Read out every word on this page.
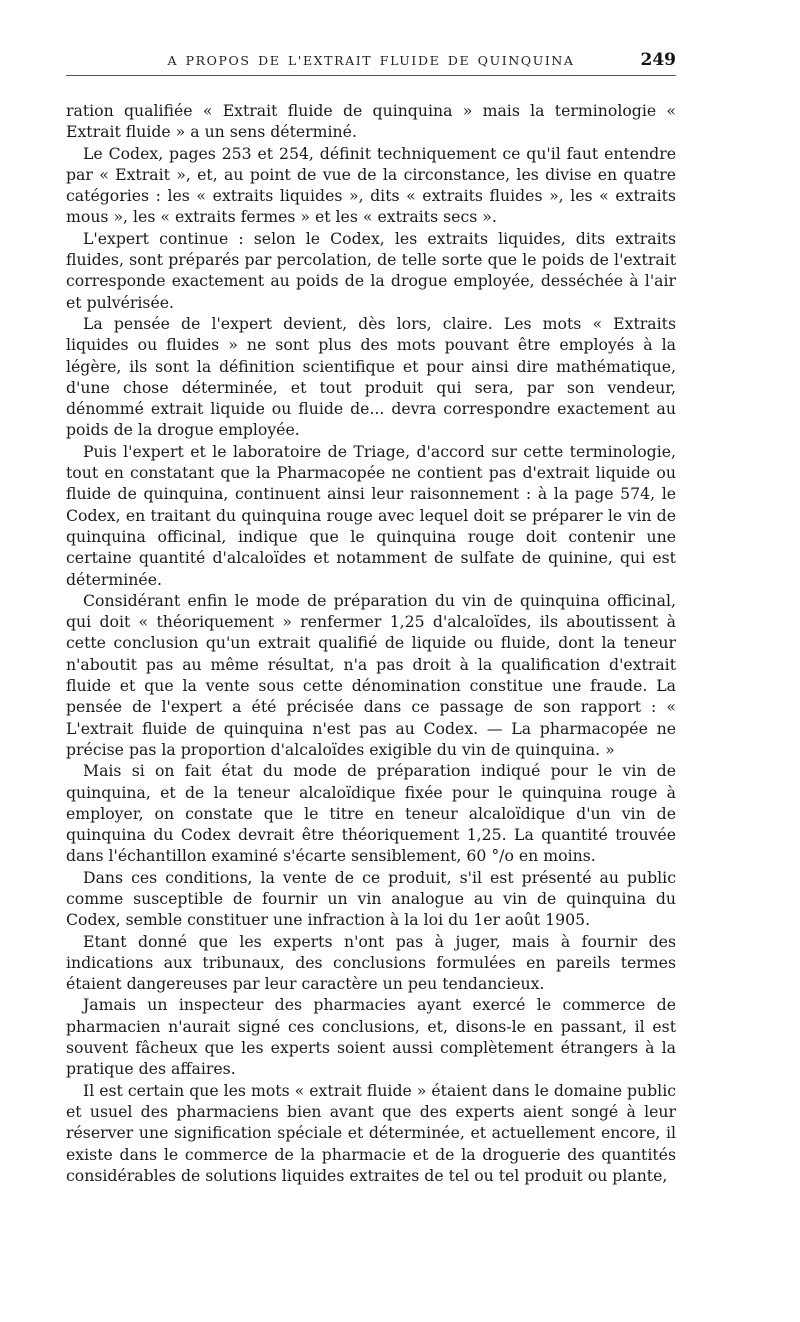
A PROPOS DE L'EXTRAIT FLUIDE DE QUINQUINA	249

ration qualifiée « Extrait fluide de quinquina » mais la terminologie « Extrait fluide » a un sens déterminé.

Le Codex, pages 253 et 254, définit techniquement ce qu'il faut entendre par « Extrait », et, au point de vue de la circonstance, les divise en quatre catégories : les « extraits liquides », dits « extraits fluides », les « extraits mous », les « extraits fermes » et les « extraits secs ».

L'expert continue : selon le Codex, les extraits liquides, dits extraits fluides, sont préparés par percolation, de telle sorte que le poids de l'extrait corresponde exactement au poids de la drogue employée, desséchée à l'air et pulvérisée.

La pensée de l'expert devient, dès lors, claire. Les mots « Extraits liquides ou fluides » ne sont plus des mots pouvant être employés à la légère, ils sont la définition scientifique et pour ainsi dire mathématique, d'une chose déterminée, et tout produit qui sera, par son vendeur, dénommé extrait liquide ou fluide de... devra correspondre exactement au poids de la drogue employée.

Puis l'expert et le laboratoire de Triage, d'accord sur cette terminologie, tout en constatant que la Pharmacopée ne contient pas d'extrait liquide ou fluide de quinquina, continuent ainsi leur raisonnement : à la page 574, le Codex, en traitant du quinquina rouge avec lequel doit se préparer le vin de quinquina officinal, indique que le quinquina rouge doit contenir une certaine quantité d'alcaloïdes et notamment de sulfate de quinine, qui est déterminée.

Considérant enfin le mode de préparation du vin de quinquina officinal, qui doit « théoriquement » renfermer 1,25 d'alcaloïdes, ils aboutissent à cette conclusion qu'un extrait qualifié de liquide ou fluide, dont la teneur n'aboutit pas au même résultat, n'a pas droit à la qualification d'extrait fluide et que la vente sous cette dénomination constitue une fraude. La pensée de l'expert a été précisée dans ce passage de son rapport : « L'extrait fluide de quinquina n'est pas au Codex. — La pharmacopée ne précise pas la proportion d'alcaloïdes exigible du vin de quinquina. »

Mais si on fait état du mode de préparation indiqué pour le vin de quinquina, et de la teneur alcaloïdique fixée pour le quinquina rouge à employer, on constate que le titre en teneur alcaloïdique d'un vin de quinquina du Codex devrait être théoriquement 1,25. La quantité trouvée dans l'échantillon examiné s'écarte sensiblement, 60 °/o en moins.

Dans ces conditions, la vente de ce produit, s'il est présenté au public comme susceptible de fournir un vin analogue au vin de quinquina du Codex, semble constituer une infraction à la loi du 1er août 1905.

Etant donné que les experts n'ont pas à juger, mais à fournir des indications aux tribunaux, des conclusions formulées en pareils termes étaient dangereuses par leur caractère un peu tendancieux.

Jamais un inspecteur des pharmacies ayant exercé le commerce de pharmacien n'aurait signé ces conclusions, et, disons-le en passant, il est souvent fâcheux que les experts soient aussi complètement étrangers à la pratique des affaires.

Il est certain que les mots « extrait fluide » étaient dans le domaine public et usuel des pharmaciens bien avant que des experts aient songé à leur réserver une signification spéciale et déterminée, et actuellement encore, il existe dans le commerce de la pharmacie et de la droguerie des quantités considérables de solutions liquides extraites de tel ou tel produit ou plante,
